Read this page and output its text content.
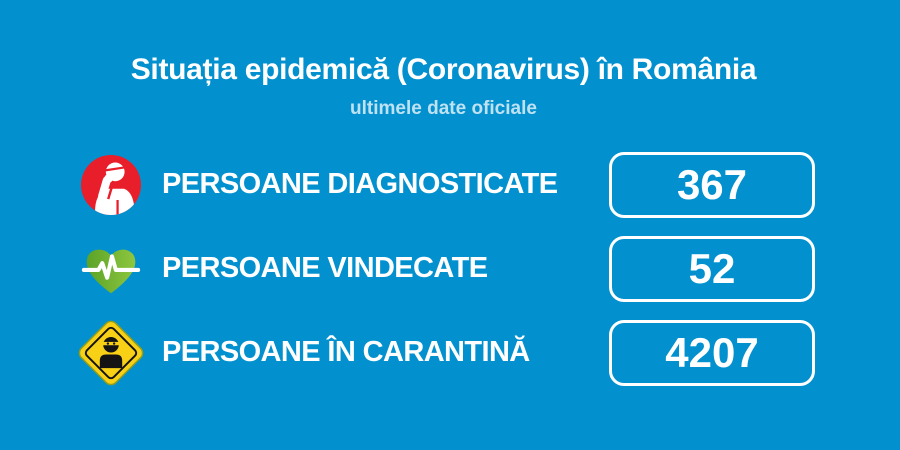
Situația epidemică (Coronavirus) în România
ultimele date oficiale
PERSOANE DIAGNOSTICATE	367
PERSOANE VINDECATE	52
PERSOANE ÎN CARANTINĂ	4207
